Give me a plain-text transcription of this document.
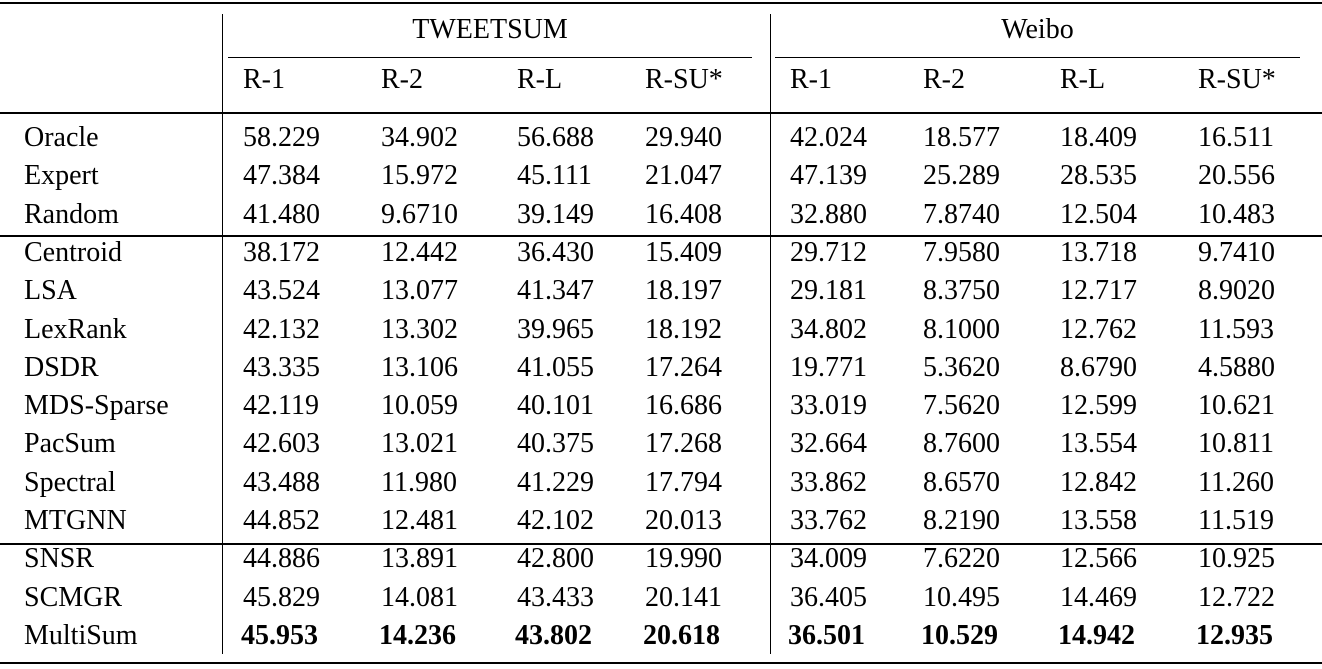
TWEETSUM	Weibo
R-1	R-2	R-L	R-SU* R-1	R-2	R-L	R-SU*
Oracle	58.229 34.902 56.688 29.940 42.024 18.577 18.409 16.511
Expert	47.384 15.972 45.111 21.047 47.139 25.289 28.535 20.556
Random	41.480 9.6710 39.149 16.408 32.880 7.8740 12.504 10.483
Centroid	38.172 12.442 36.430 15.409 29.712 7.9580 13.718 9.7410
LSA	43.524 13.077 41.347 18.197 29.181 8.3750 12.717 8.9020
LexRank	42.132 13.302 39.965 18.192 34.802 8.1000 12.762 11.593
DSDR	43.335 13.106 41.055 17.264 19.771 5.3620 8.6790 4.5880
MDS-Sparse	42.119 10.059 40.101 16.686 33.019 7.5620 12.599 10.621
PacSum	42.603 13.021 40.375 17.268 32.664 8.7600 13.554 10.811
Spectral	43.488 11.980 41.229 17.794 33.862 8.6570 12.842 11.260
MTGNN	44.852 12.481 42.102 20.013 33.762 8.2190 13.558 11.519
SNSR	44.886 13.891 42.800 19.990 34.009 7.6220 12.566 10.925
SCMGR	45.829 14.081 43.433 20.141 36.405 10.495 14.469 12.722
MultiSum	45.953 14.236 43.802 20.618 36.501 10.529 14.942 12.935
